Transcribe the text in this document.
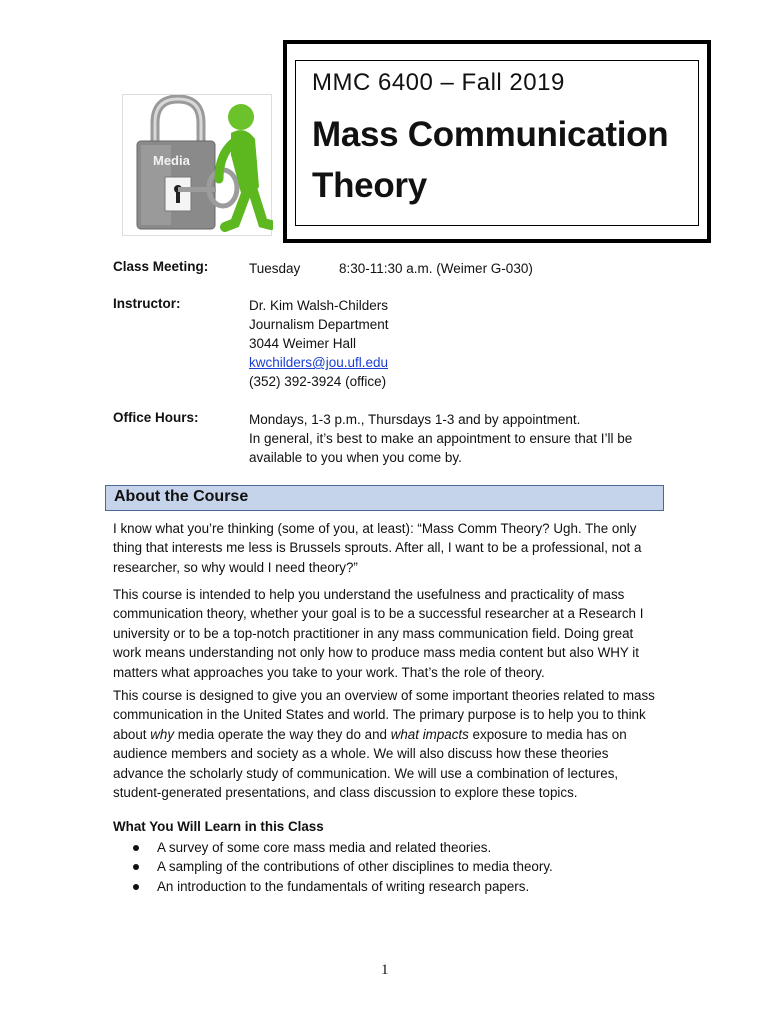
Media
MMC 6400 – Fall 2019
Mass Communication
Theory
Class Meeting:	Tuesday	8:30-11:30 a.m. (Weimer G-030)
Instructor:	Dr. Kim Walsh-Childers
Journalism Department
3044 Weimer Hall
kwchilders@jou.ufl.edu
(352) 392-3924 (office)
Office Hours:	Mondays, 1-3 p.m., Thursdays 1-3 and by appointment.
In general, it’s best to make an appointment to ensure that I’ll be
available to you when you come by.
About the Course
I know what you’re thinking (some of you, at least): “Mass Comm Theory? Ugh. The only thing that interests me less is Brussels sprouts. After all, I want to be a professional, not a researcher, so why would I need theory?”
This course is intended to help you understand the usefulness and practicality of mass communication theory, whether your goal is to be a successful researcher at a Research I university or to be a top-notch practitioner in any mass communication field. Doing great work means understanding not only how to produce mass media content but also WHY it matters what approaches you take to your work. That’s the role of theory.
This course is designed to give you an overview of some important theories related to mass communication in the United States and world. The primary purpose is to help you to think about why media operate the way they do and what impacts exposure to media has on audience members and society as a whole. We will also discuss how these theories advance the scholarly study of communication. We will use a combination of lectures, student-generated presentations, and class discussion to explore these topics.
What You Will Learn in this Class
A survey of some core mass media and related theories.
A sampling of the contributions of other disciplines to media theory.
An introduction to the fundamentals of writing research papers.
1
